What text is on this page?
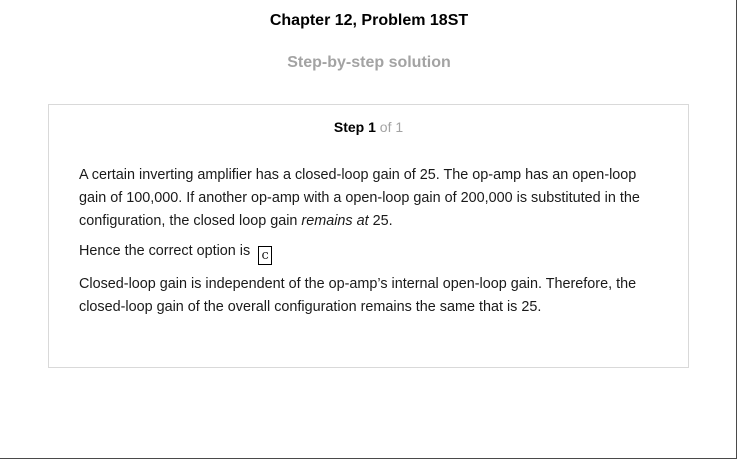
Chapter 12, Problem 18ST
Step-by-step solution
Step 1 of 1

A certain inverting amplifier has a closed-loop gain of 25. The op-amp has an open-loop gain of 100,000. If another op-amp with a open-loop gain of 200,000 is substituted in the configuration, the closed loop gain remains at 25.

Hence the correct option is c

Closed-loop gain is independent of the op-amp’s internal open-loop gain. Therefore, the closed-loop gain of the overall configuration remains the same that is 25.
